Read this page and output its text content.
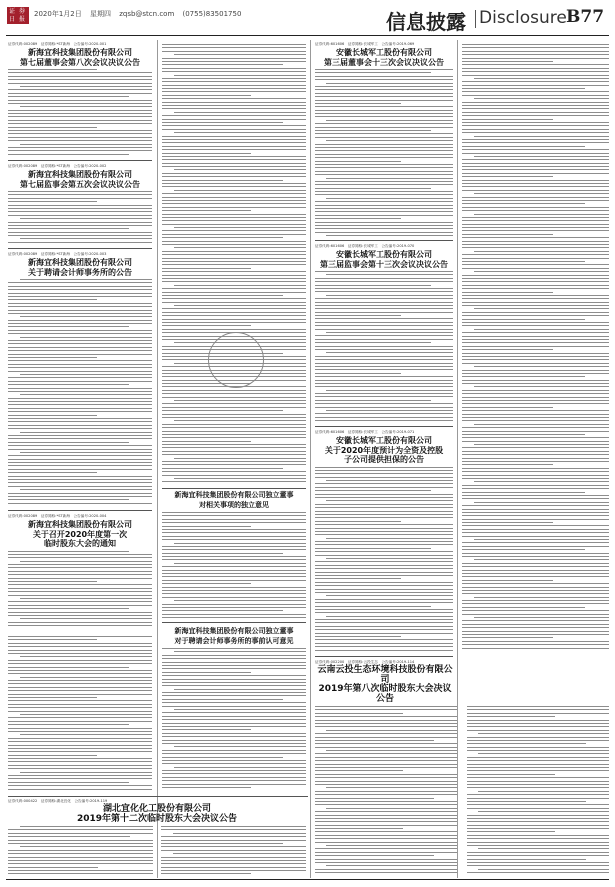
证 券
日 报
2020年1月2日 星期四 zqsb@stcn.com (0755)83501750	信息披露 Disclosure B77
证券代码:002089　证券简称:*ST新海　公告编号:2020-001
新海宜科技集团股份有限公司
第七届董事会第八次会议决议公告
证券代码:002089　证券简称:*ST新海　公告编号:2020-002
新海宜科技集团股份有限公司
第七届监事会第五次会议决议公告
证券代码:002089　证券简称:*ST新海　公告编号:2020-003
新海宜科技集团股份有限公司
关于聘请会计师事务所的公告
证券代码:002089　证券简称:*ST新海　公告编号:2020-004
新海宜科技集团股份有限公司
关于召开2020年度第一次
临时股东大会的通知
证券代码:000422　证券简称:湖北宜化　公告编号:2019-119
湖北宜化化工股份有限公司
2019年第十二次临时股东大会决议公告
新海宜科技集团股份有限公司独立董事
对相关事项的独立意见
新海宜科技集团股份有限公司独立董事
对于聘请会计师事务所的事前认可意见
证券代码:601606　证券简称:长城军工　公告编号:2019-069
安徽长城军工股份有限公司
第三届董事会十三次会议决议公告
证券代码:601606　证券简称:长城军工　公告编号:2019-070
安徽长城军工股份有限公司
第三届监事会第十三次会议决议公告
证券代码:601606　证券简称:长城军工　公告编号:2019-071
安徽长城军工股份有限公司
关于2020年度预计为全资及控股
子公司提供担保的公告
证券代码:002200　证券简称:云投生态　公告编号:2019-114
云南云投生态环境科技股份有限公司
2019年第八次临时股东大会决议公告
